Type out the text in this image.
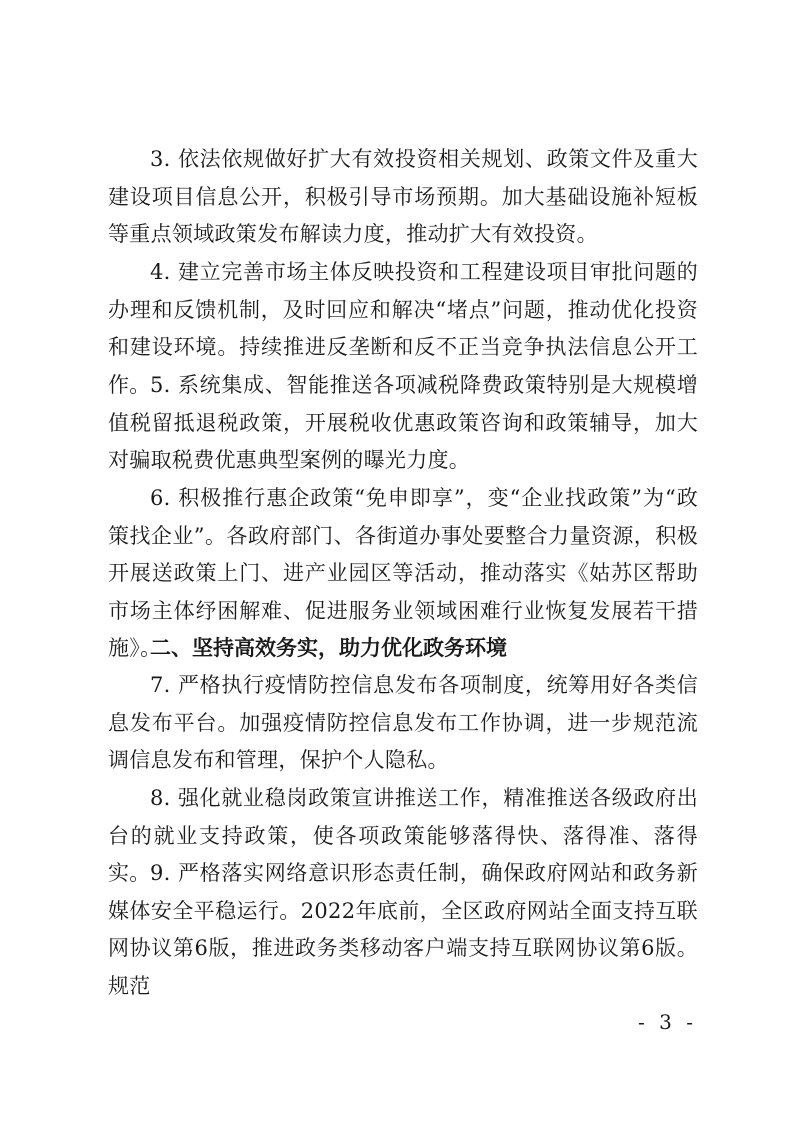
3. 依法依规做好扩大有效投资相关规划、政策文件及重大建设项目信息公开，积极引导市场预期。加大基础设施补短板等重点领域政策发布解读力度，推动扩大有效投资。

4. 建立完善市场主体反映投资和工程建设项目审批问题的办理和反馈机制，及时回应和解决“堵点”问题，推动优化投资和建设环境。持续推进反垄断和反不正当竞争执法信息公开工作。 5. 系统集成、智能推送各项减税降费政策特别是大规模增值税留抵退税政策，开展税收优惠政策咨询和政策辅导，加大对骗取税费优惠典型案例的曝光力度。

6. 积极推行惠企政策“免申即享”，变“企业找政策”为“政策找企业”。各政府部门、各街道办事处要整合力量资源，积极开展送政策上门、进产业园区等活动，推动落实《姑苏区帮助市场主体纾困解难、促进服务业领域困难行业恢复发展若干措施》。

二、坚持高效务实，助力优化政务环境

7. 严格执行疫情防控信息发布各项制度，统筹用好各类信息发布平台。加强疫情防控信息发布工作协调，进一步规范流调信息发布和管理，保护个人隐私。

8. 强化就业稳岗政策宣讲推送工作，精准推送各级政府出台的就业支持政策，使各项政策能够落得快、落得准、落得实。 9. 严格落实网络意识形态责任制，确保政府网站和政务新媒体安全平稳运行。2022年底前，全区政府网站全面支持互联网协议第6版，推进政务类移动客户端支持互联网协议第6版。规范

- 3 -
